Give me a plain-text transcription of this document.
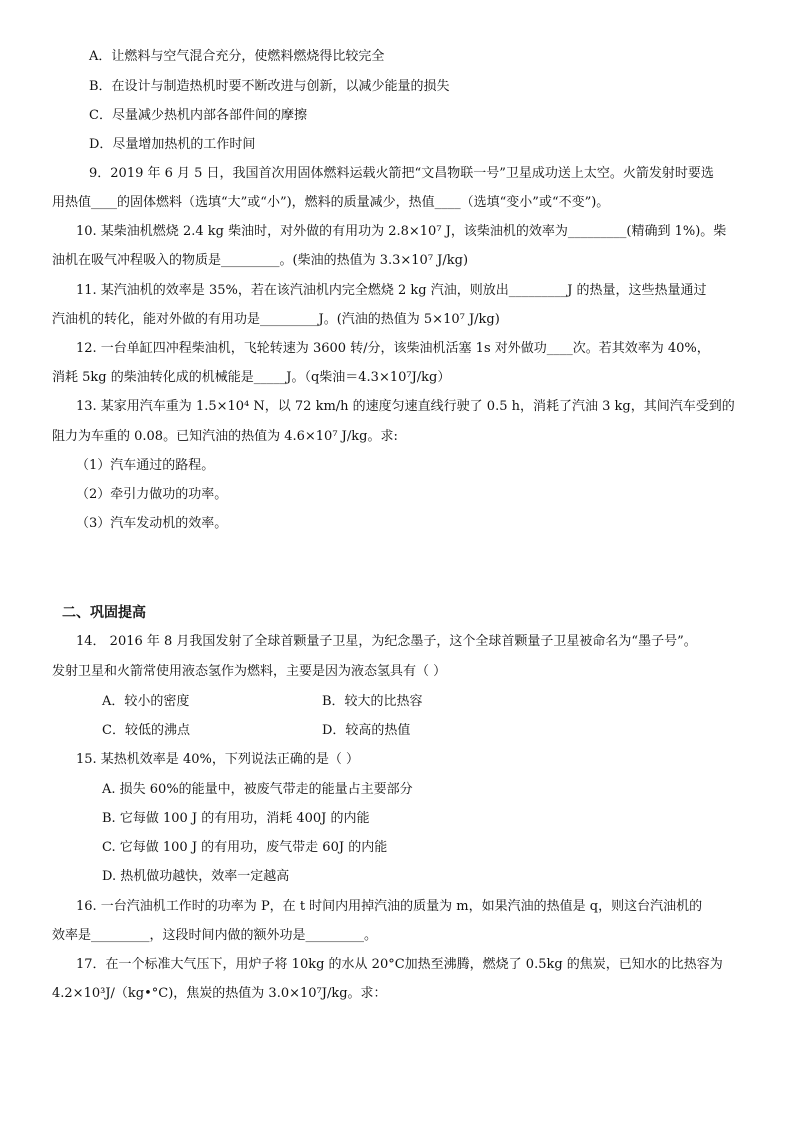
A．让燃料与空气混合充分，使燃料燃烧得比较完全
B．在设计与制造热机时要不断改进与创新，以减少能量的损失
C．尽量减少热机内部各部件间的摩擦
D．尽量增加热机的工作时间
9．2019 年 6 月 5 日，我国首次用固体燃料运载火箭把“文昌物联一号”卫星成功送上太空。火箭发射时要选
用热值____的固体燃料（选填“大”或“小”)，燃料的质量减少，热值____（选填“变小”或“不变”)。
10. 某柴油机燃烧 2.4 kg 柴油时，对外做的有用功为 2.8×10⁷ J，该柴油机的效率为_________(精确到 1%)。柴
油机在吸气冲程吸入的物质是_________。(柴油的热值为 3.3×10⁷ J/kg)
11. 某汽油机的效率是 35%，若在该汽油机内完全燃烧 2 kg 汽油，则放出_________J 的热量，这些热量通过
汽油机的转化，能对外做的有用功是_________J。(汽油的热值为 5×10⁷ J/kg)
12. 一台单缸四冲程柴油机，飞轮转速为 3600 转/分，该柴油机活塞 1s 对外做功____次。若其效率为 40%，
消耗 5kg 的柴油转化成的机械能是_____J。（q柴油＝4.3×10⁷J/kg）
13. 某家用汽车重为 1.5×10⁴ N，以 72 km/h 的速度匀速直线行驶了 0.5 h，消耗了汽油 3 kg，其间汽车受到的
阻力为车重的 0.08。已知汽油的热值为 4.6×10⁷ J/kg。求:
（1）汽车通过的路程。
（2）牵引力做功的功率。
（3）汽车发动机的效率。
二、巩固提高
14． 2016 年 8 月我国发射了全球首颗量子卫星，为纪念墨子，这个全球首颗量子卫星被命名为“墨子号”。
发射卫星和火箭常使用液态氢作为燃料，主要是因为液态氢具有（ ）
A．较小的密度	B．较大的比热容
C．较低的沸点	D．较高的热值
15. 某热机效率是 40%，下列说法正确的是（ ）
A. 损失 60%的能量中，被废气带走的能量占主要部分
B. 它每做 100 J 的有用功，消耗 400J 的内能
C. 它每做 100 J 的有用功，废气带走 60J 的内能
D. 热机做功越快，效率一定越高
16. 一台汽油机工作时的功率为 P，在 t 时间内用掉汽油的质量为 m，如果汽油的热值是 q，则这台汽油机的
效率是_________，这段时间内做的额外功是_________。
17．在一个标准大气压下，用炉子将 10kg 的水从 20°C加热至沸腾，燃烧了 0.5kg 的焦炭，已知水的比热容为
4.2×10³J/（kg•°C)，焦炭的热值为 3.0×10⁷J/kg。求：
